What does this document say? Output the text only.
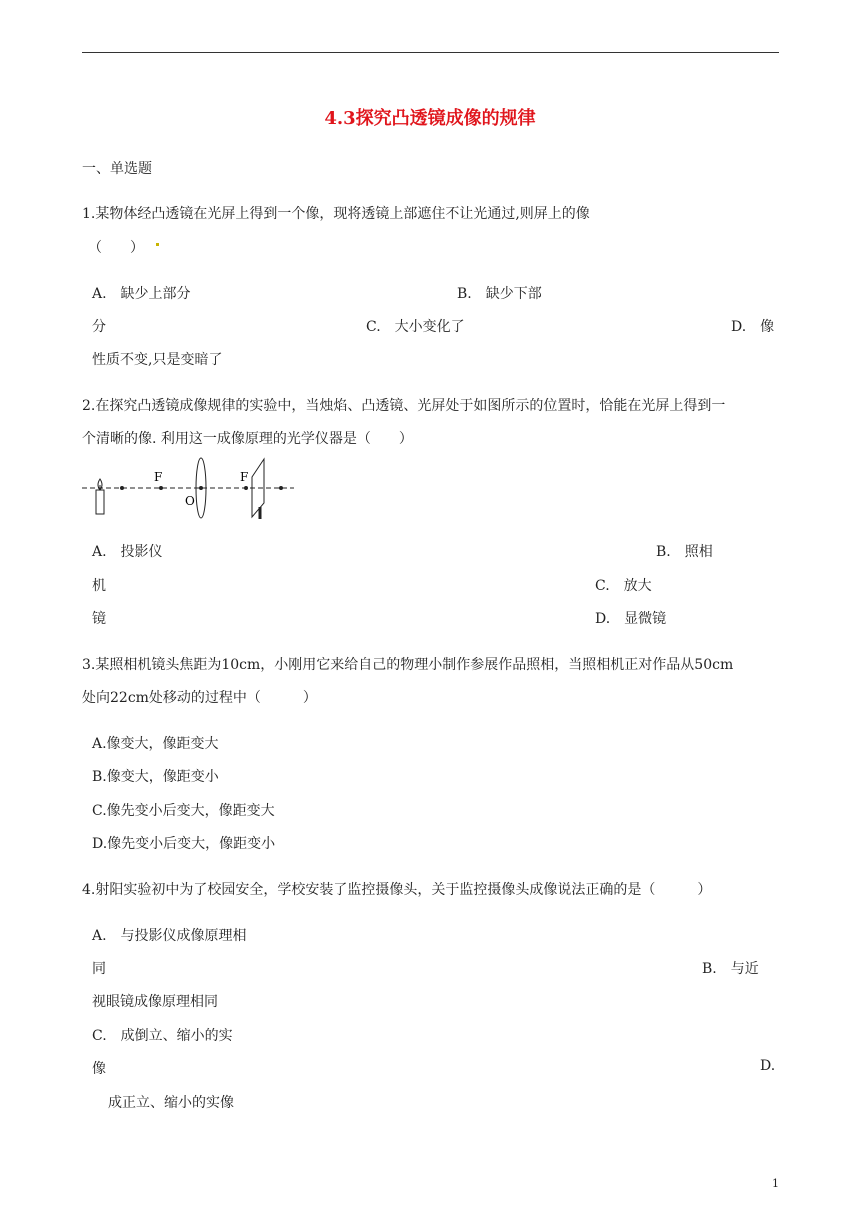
4.3探究凸透镜成像的规律
一、单选题
1.某物体经凸透镜在光屏上得到一个像，现将透镜上部遮住不让光通过,则屏上的像
（　　）
A.　缺少上部分	B.　缺少下部
分	C.　大小变化了	D.　像
性质不变,只是变暗了
2.在探究凸透镜成像规律的实验中，当烛焰、凸透镜、光屏处于如图所示的位置时，恰能在光屏上得到一
个清晰的像. 利用这一成像原理的光学仪器是（　　）
F
O
F
A.　投影仪	B.　照相
机	C.　放大
镜	D.　显微镜
3.某照相机镜头焦距为10cm，小刚用它来给自己的物理小制作参展作品照相，当照相机正对作品从50cm
处向22cm处移动的过程中（　　　）
A.像变大，像距变大
B.像变大，像距变小
C.像先变小后变大，像距变大
D.像先变小后变大，像距变小
4.射阳实验初中为了校园安全，学校安装了监控摄像头，关于监控摄像头成像说法正确的是（　　　）
A.　与投影仪成像原理相
同	B.　与近
视眼镜成像原理相同
C.　成倒立、缩小的实
像	D.
成正立、缩小的实像
1
